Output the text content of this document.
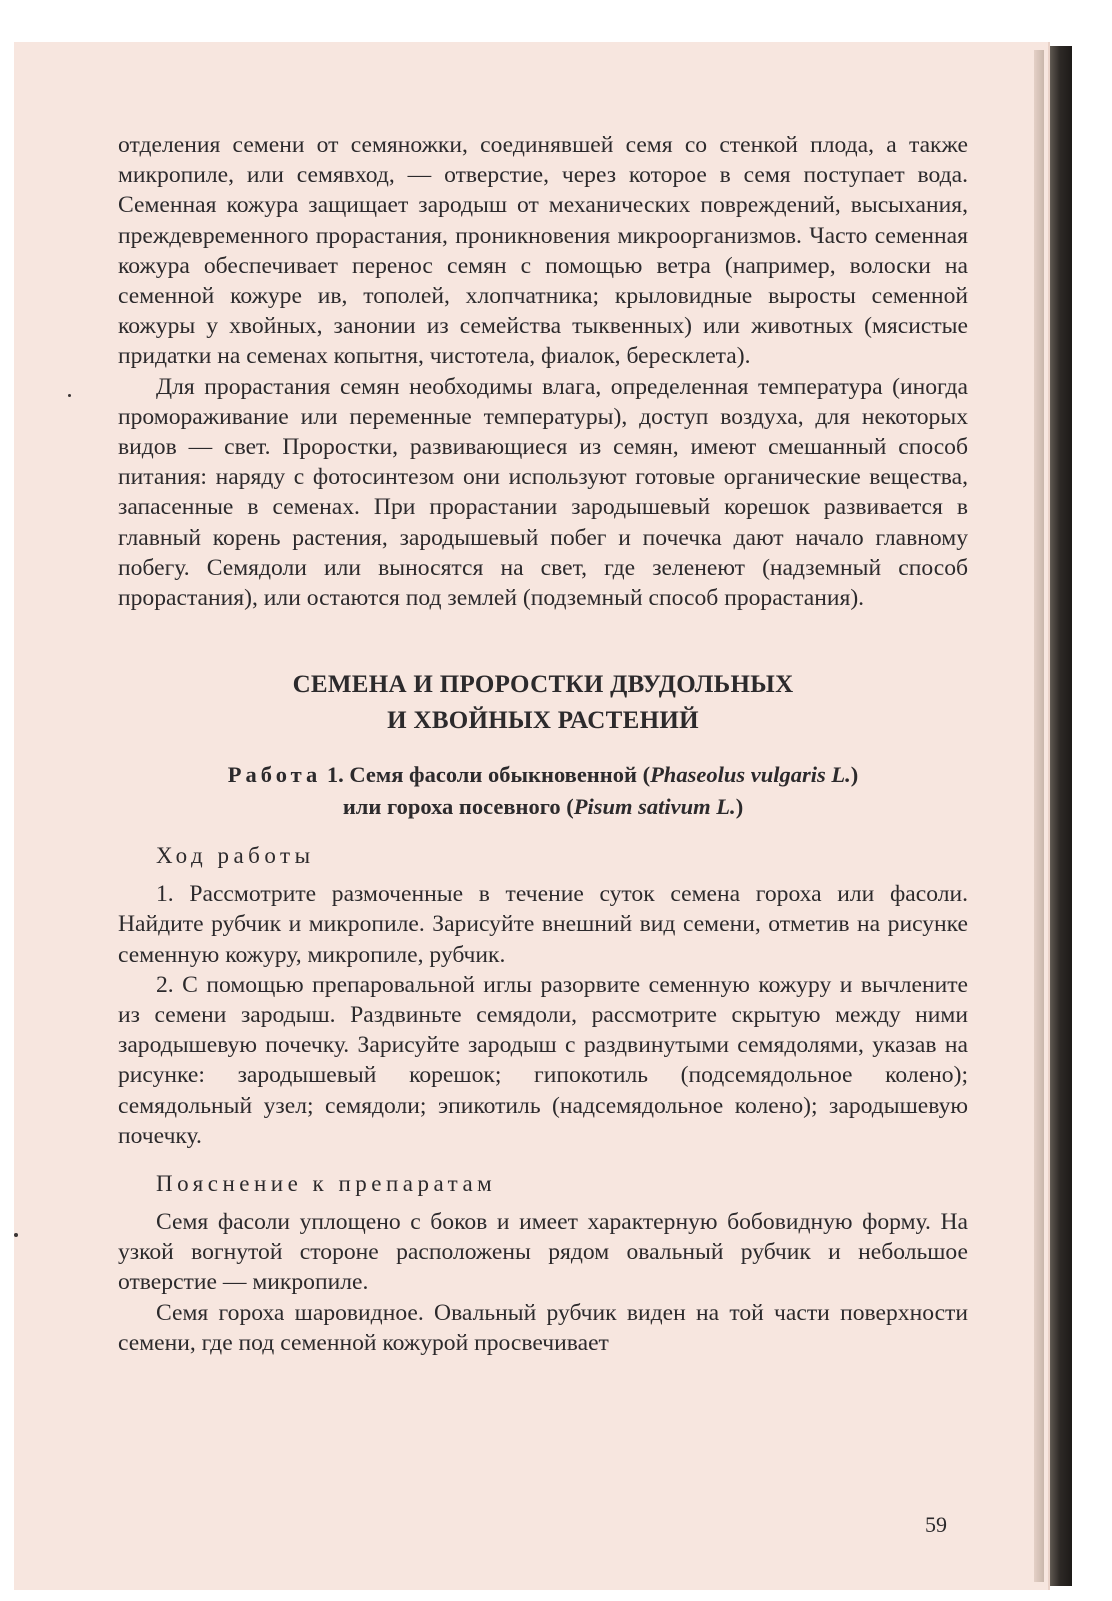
отделения семени от семяножки, соединявшей семя со стенкой плода, а также микропиле, или семявход, — отверстие, через которое в семя поступает вода. Семенная кожура защищает зародыш от механических повреждений, высыхания, преждевременного прорастания, проникновения микроорганизмов. Часто семенная кожура обеспечивает перенос семян с помощью ветра (например, волоски на семенной кожуре ив, тополей, хлопчатника; крыловидные выросты семенной кожуры у хвойных, занонии из семейства тыквенных) или животных (мясистые придатки на семенах копытня, чистотела, фиалок, бересклета).

Для прорастания семян необходимы влага, определенная температура (иногда промораживание или переменные температуры), доступ воздуха, для некоторых видов — свет. Проростки, развивающиеся из семян, имеют смешанный способ питания: наряду с фотосинтезом они используют готовые органические вещества, запасенные в семенах. При прорастании зародышевый корешок развивается в главный корень растения, зародышевый побег и почечка дают начало главному побегу. Семядоли или выносятся на свет, где зеленеют (надземный способ прорастания), или остаются под землей (подземный способ прорастания).

СЕМЕНА И ПРОРОСТКИ ДВУДОЛЬНЫХ
И ХВОЙНЫХ РАСТЕНИЙ
Работа 1. Семя фасоли обыкновенной (Phaseolus vulgaris L.)
или гороха посевного (Pisum sativum L.)
Ход работы

1. Рассмотрите размоченные в течение суток семена гороха или фасоли. Найдите рубчик и микропиле. Зарисуйте внешний вид семени, отметив на рисунке семенную кожуру, микропиле, рубчик.

2. С помощью препаровальной иглы разорвите семенную кожуру и вычлените из семени зародыш. Раздвиньте семядоли, рассмотрите скрытую между ними зародышевую почечку. Зарисуйте зародыш с раздвинутыми семядолями, указав на рисунке: зародышевый корешок; гипокотиль (подсемядольное колено); семядольный узел; семядоли; эпикотиль (надсемядольное колено); зародышевую почечку.

Пояснение к препаратам

Семя фасоли уплощено с боков и имеет характерную бобовидную форму. На узкой вогнутой стороне расположены рядом овальный рубчик и небольшое отверстие — микропиле.

Семя гороха шаровидное. Овальный рубчик виден на той части поверхности семени, где под семенной кожурой просвечивает

59
